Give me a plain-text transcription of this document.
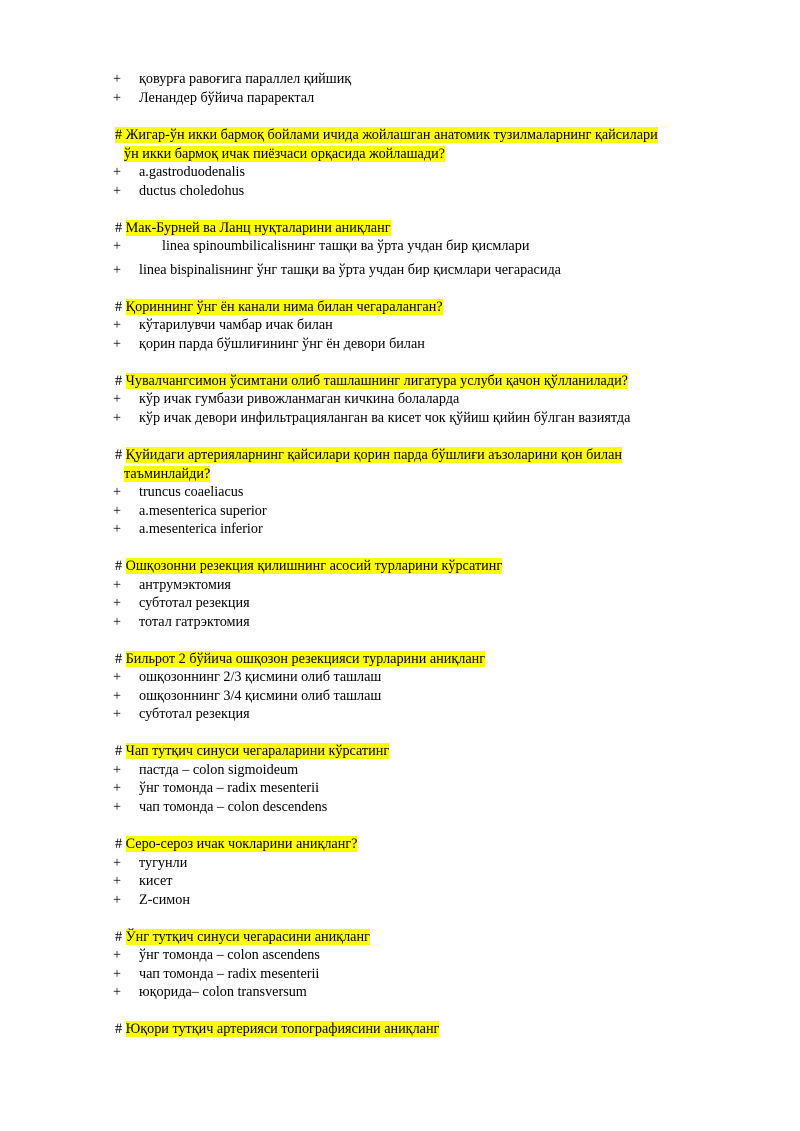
+	қовурға равоғига параллел қийшиқ
+	Ленандер бўйича параректал
# Жигар-ўн икки бармоқ бойлами ичида жойлашган анатомик тузилмаларнинг қайсилари
ўн икки бармоқ ичак пиёзчаси орқасида жойлашади?
+	a.gastroduodenalis
+	ductus choledohus
# Мак-Бурней ва Ланц нуқталарини аниқланг
+	linea spinoumbilicalisнинг ташқи ва ўрта учдан бир қисмлари
+	linea bispinalisнинг ўнг ташқи ва ўрта учдан бир қисмлари чегарасида
# Қориннинг ўнг ён канали нима билан чегараланган?
+	кўтарилувчи чамбар ичак билан
+	қорин парда бўшлиғининг ўнг ён девори билан
# Чувалчангсимон ўсимтани олиб ташлашнинг лигатура услуби қачон қўлланилади?
+	кўр ичак гумбази ривожланмаган кичкина болаларда
+	кўр ичак девори инфильтрацияланган ва кисет чок қўйиш қийин бўлган вазиятда
# Қуйидаги артерияларнинг қайсилари қорин парда бўшлиғи аъзоларини қон билан
таъминлайди?
+	truncus coaeliacus
+	a.mesenterica superior
+	a.mesenterica inferior
# Ошқозонни резекция қилишнинг асосий турларини кўрсатинг
+	антрумэктомия
+	субтотал резекция
+	тотал гатрэктомия
# Бильрот 2 бўйича ошқозон резекцияси турларини аниқланг
+	ошқозоннинг 2/3 қисмини олиб ташлаш
+	ошқозоннинг 3/4 қисмини олиб ташлаш
+	субтотал резекция
# Чап тутқич синуси чегараларини кўрсатинг
+	пастда – colon sigmoideum
+	ўнг томонда – radix mesenterii
+	чап томонда – colon descendens
# Серо-сероз ичак чокларини аниқланг?
+	тугунли
+	кисет
+	Z-симон
# Ўнг тутқич синуси чегарасини аниқланг
+	ўнг томонда – colon ascendens
+	чап томонда – radix mesenterii
+	юқорида– colon transversum
# Юқори тутқич артерияси топографиясини аниқланг
